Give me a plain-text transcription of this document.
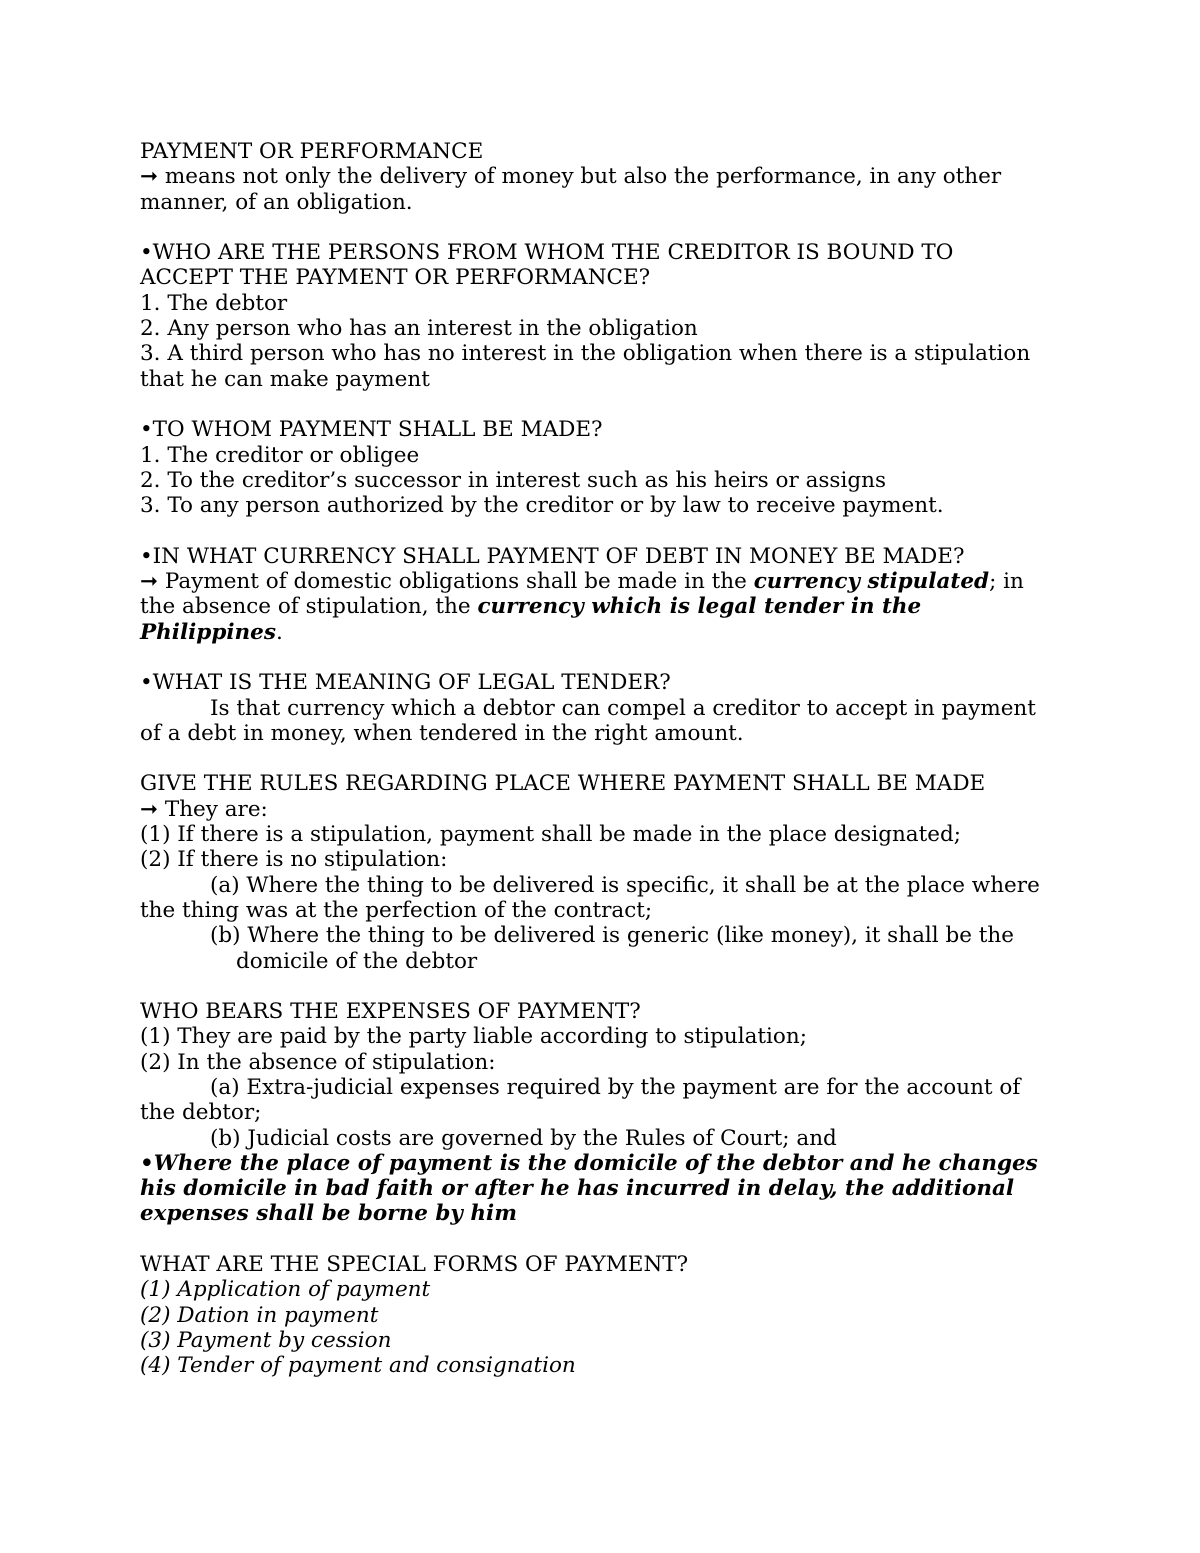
PAYMENT OR PERFORMANCE

➞ means not only the delivery of money but also the performance, in any other

manner, of an obligation.

•WHO ARE THE PERSONS FROM WHOM THE CREDITOR IS BOUND TO

ACCEPT THE PAYMENT OR PERFORMANCE?

1. The debtor

2. Any person who has an interest in the obligation

3. A third person who has no interest in the obligation when there is a stipulation

that he can make payment

•TO WHOM PAYMENT SHALL BE MADE?

1. The creditor or obligee

2. To the creditor’s successor in interest such as his heirs or assigns

3. To any person authorized by the creditor or by law to receive payment.

•IN WHAT CURRENCY SHALL PAYMENT OF DEBT IN MONEY BE MADE?

➞ Payment of domestic obligations shall be made in the currency stipulated; in

the absence of stipulation, the currency which is legal tender in the

Philippines.

•WHAT IS THE MEANING OF LEGAL TENDER?

Is that currency which a debtor can compel a creditor to accept in payment

of a debt in money, when tendered in the right amount.

GIVE THE RULES REGARDING PLACE WHERE PAYMENT SHALL BE MADE

➞ They are:

(1) If there is a stipulation, payment shall be made in the place designated;

(2) If there is no stipulation:

(a) Where the thing to be delivered is specific, it shall be at the place where

the thing was at the perfection of the contract;

(b) Where the thing to be delivered is generic (like money), it shall be the

domicile of the debtor

WHO BEARS THE EXPENSES OF PAYMENT?

(1) They are paid by the party liable according to stipulation;

(2) In the absence of stipulation:

(a) Extra-judicial expenses required by the payment are for the account of

the debtor;

(b) Judicial costs are governed by the Rules of Court; and

•Where the place of payment is the domicile of the debtor and he changes

his domicile in bad faith or after he has incurred in delay, the additional

expenses shall be borne by him

WHAT ARE THE SPECIAL FORMS OF PAYMENT?

(1) Application of payment

(2) Dation in payment

(3) Payment by cession

(4) Tender of payment and consignation
